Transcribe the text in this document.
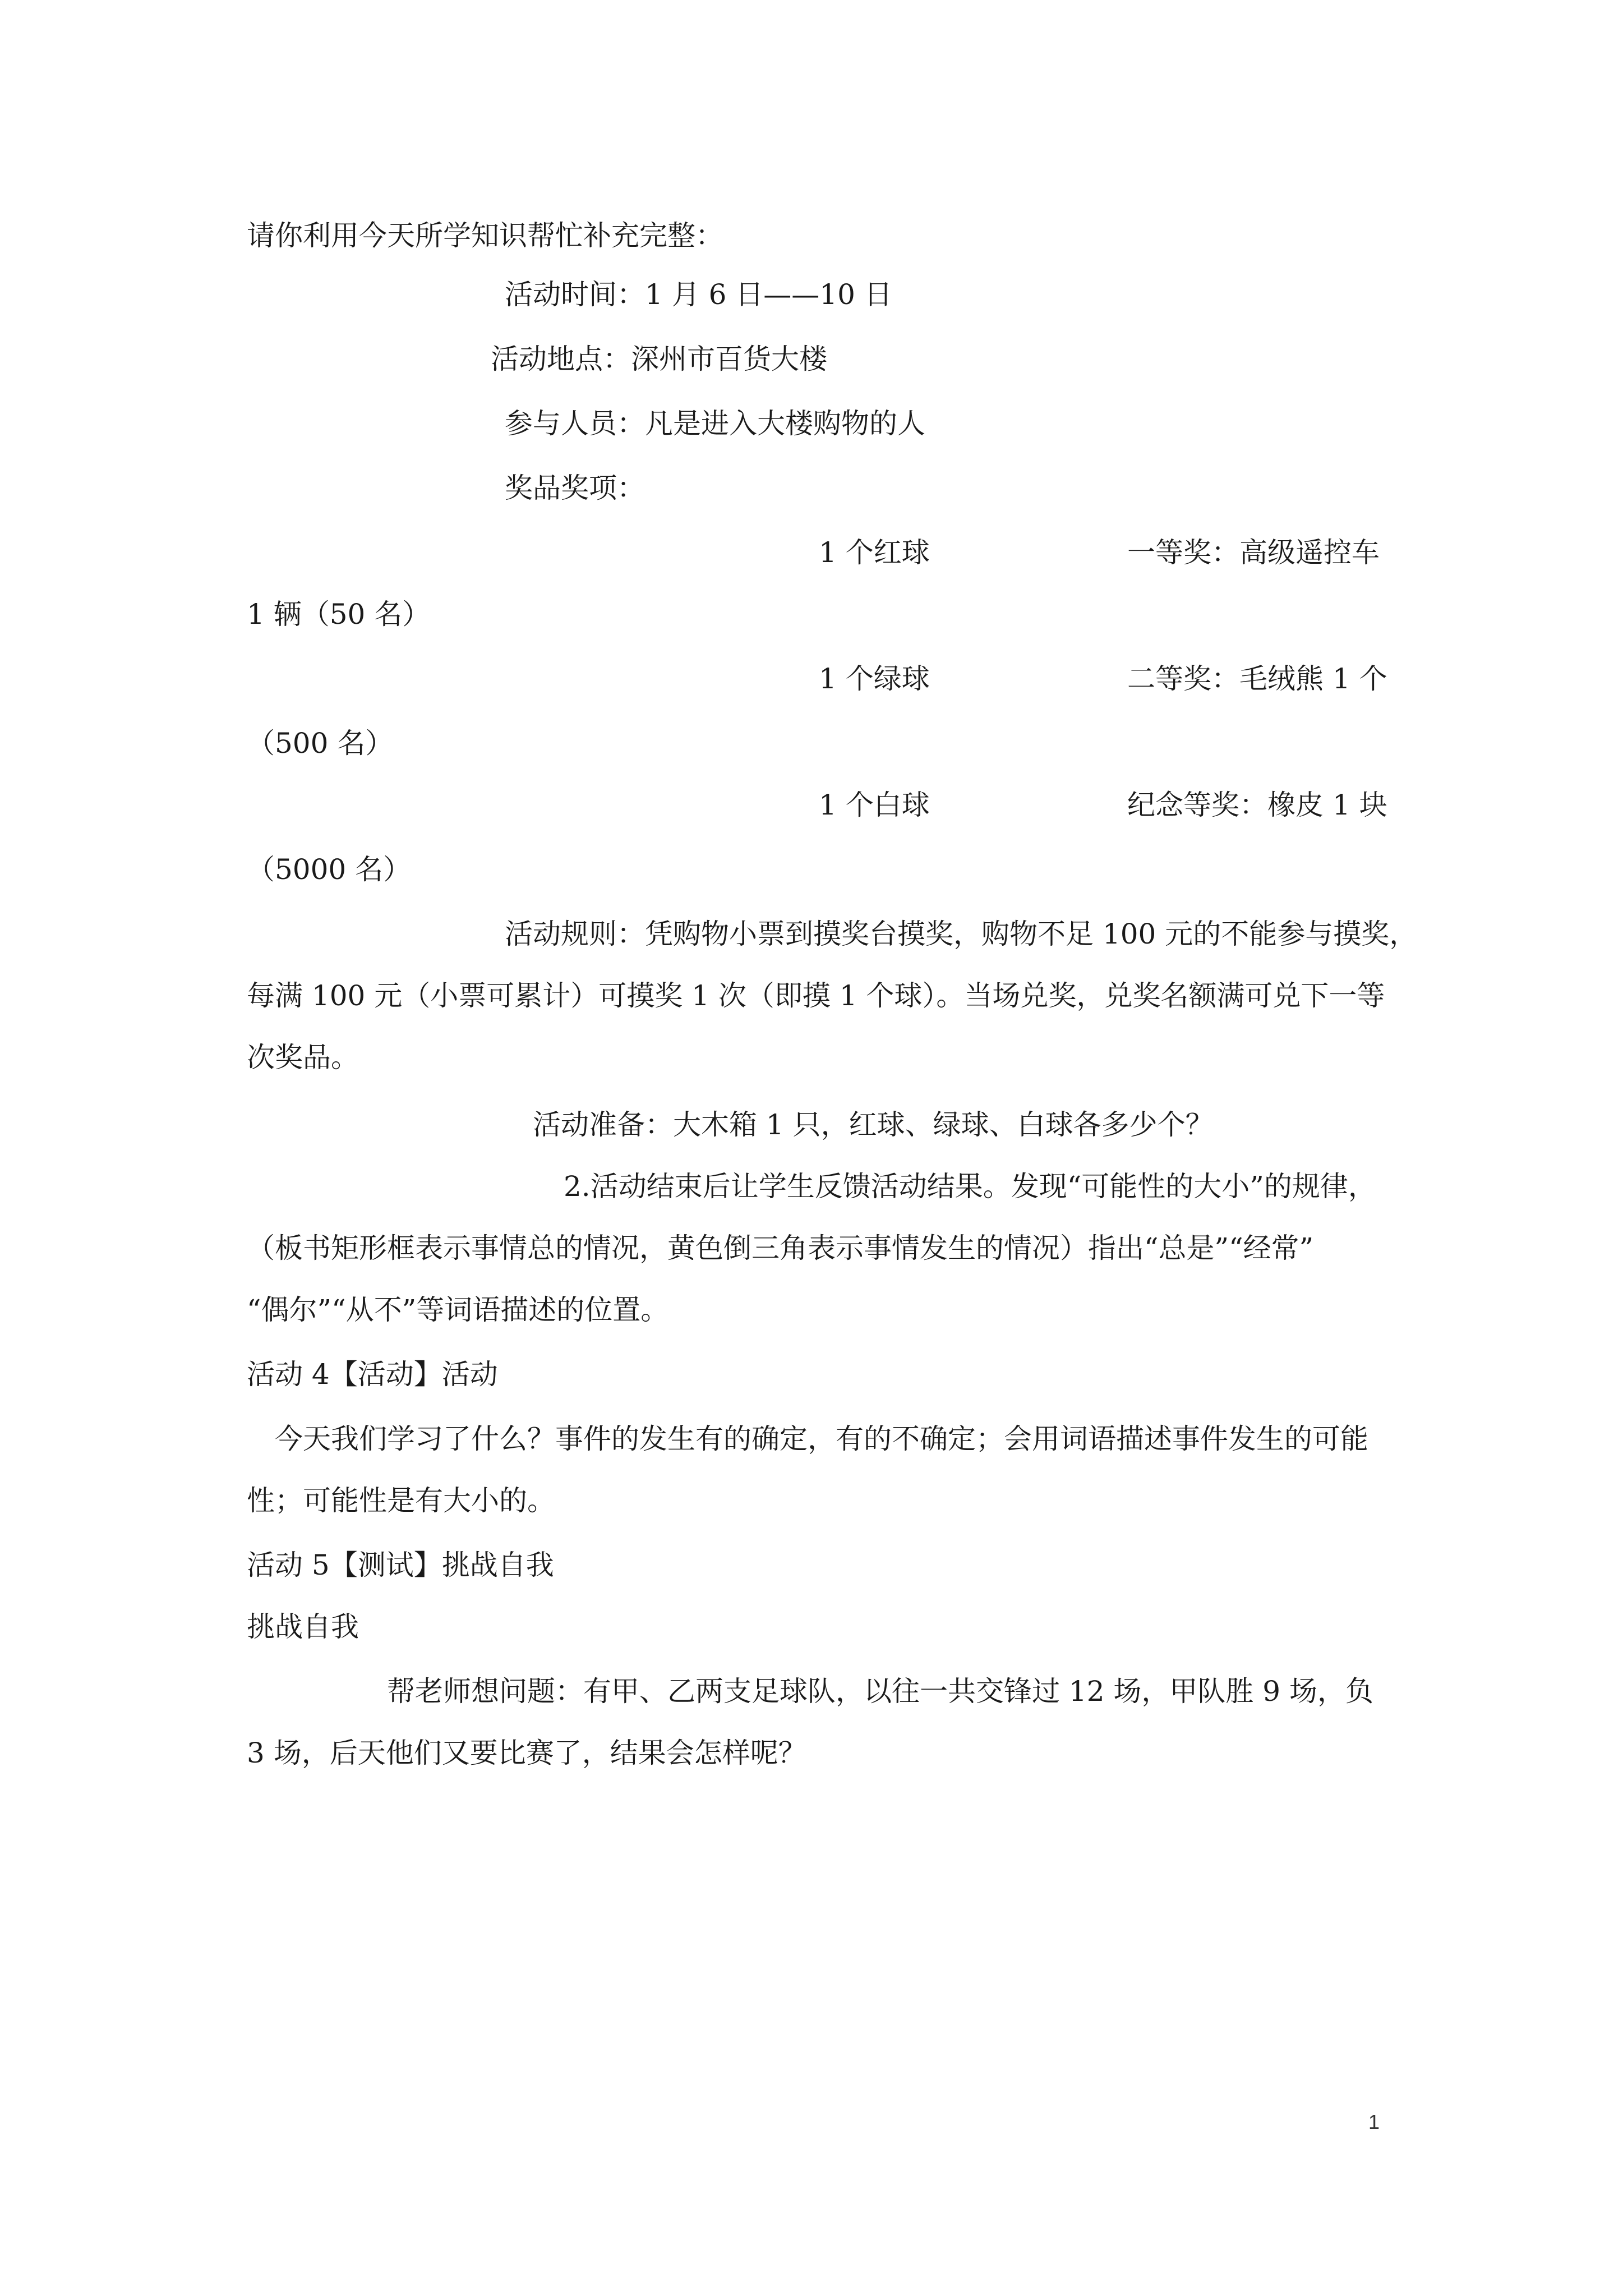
请你利用今天所学知识帮忙补充完整：
活动时间：1 月 6 日——10 日
活动地点：深州市百货大楼
参与人员：凡是进入大楼购物的人
奖品奖项：
1 个红球	一等奖：高级遥控车
1 辆（50 名）
1 个绿球	二等奖：毛绒熊 1 个
（500 名）
1 个白球	纪念等奖：橡皮 1 块
（5000 名）
活动规则：凭购物小票到摸奖台摸奖，购物不足 100 元的不能参与摸奖，
每满 100 元（小票可累计）可摸奖 1 次（即摸 1 个球）。当场兑奖，兑奖名额满可兑下一等
次奖品。
活动准备：大木箱 1 只，红球、绿球、白球各多少个？
2.活动结束后让学生反馈活动结果。发现“可能性的大小”的规律，
（板书矩形框表示事情总的情况，黄色倒三角表示事情发生的情况）指出“总是”“经常”
“偶尔”“从不”等词语描述的位置。
活动 4【活动】活动
今天我们学习了什么？事件的发生有的确定，有的不确定；会用词语描述事件发生的可能
性；可能性是有大小的。
活动 5【测试】挑战自我
挑战自我
帮老师想问题：有甲、乙两支足球队，以往一共交锋过 12 场，甲队胜 9 场，负
3 场，后天他们又要比赛了，结果会怎样呢？
1
